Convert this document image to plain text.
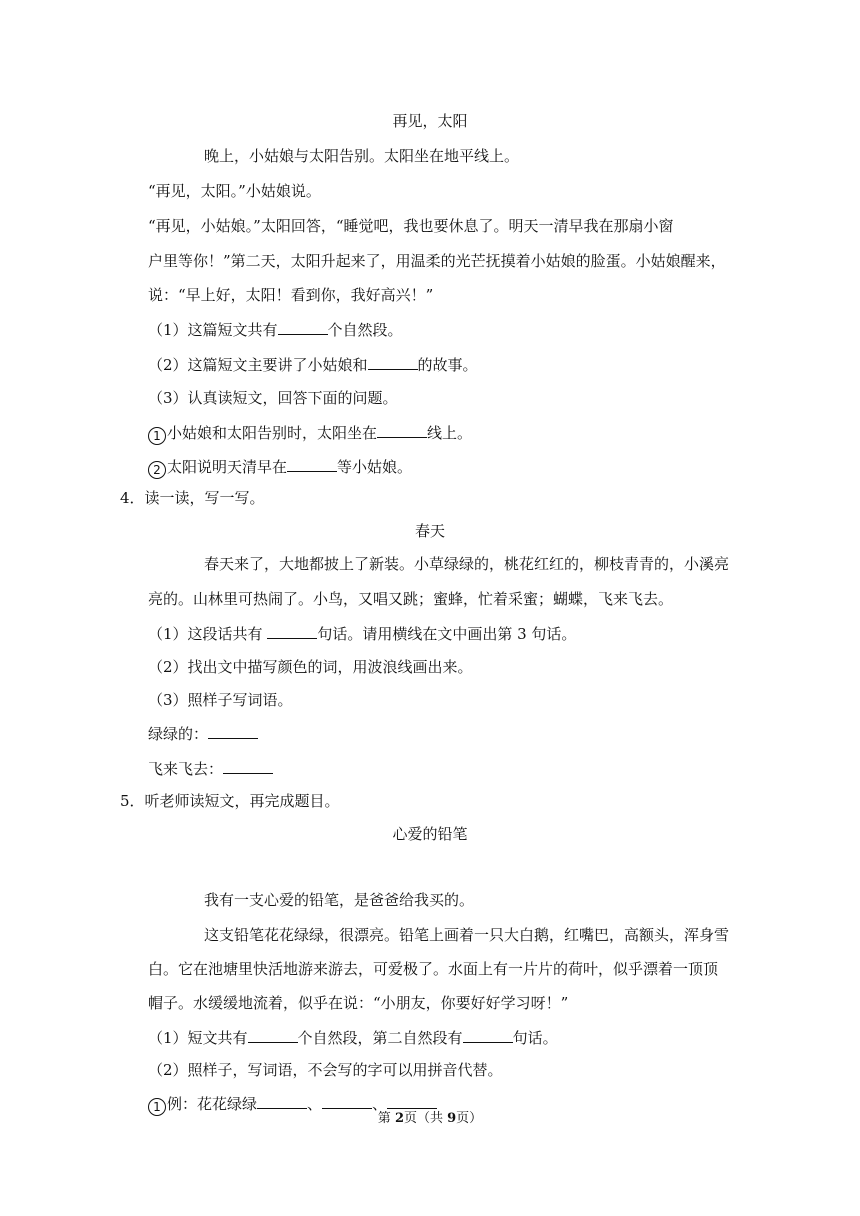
再见，太阳
晚上，小姑娘与太阳告别。太阳坐在地平线上。
“再见，太阳。”小姑娘说。
“再见，小姑娘。”太阳回答，“睡觉吧，我也要休息了。明天一清早我在那扇小窗
户里等你！”第二天，太阳升起来了，用温柔的光芒抚摸着小姑娘的脸蛋。小姑娘醒来，
说：“早上好，太阳！看到你，我好高兴！”
（1）这篇短文共有	个自然段。
（2）这篇短文主要讲了小姑娘和	的故事。
（3）认真读短文，回答下面的问题。
1 小姑娘和太阳告别时，太阳坐在	线上。
2 太阳说明天清早在	等小姑娘。
4．读一读，写一写。
春天
春天来了，大地都披上了新装。小草绿绿的，桃花红红的，柳枝青青的，小溪亮
亮的。山林里可热闹了。小鸟，又唱又跳；蜜蜂，忙着采蜜；蝴蝶，飞来飞去。
（1）这段话共有	句话。请用横线在文中画出第 3 句话。
（2）找出文中描写颜色的词，用波浪线画出来。
（3）照样子写词语。
绿绿的：
飞来飞去：
5．听老师读短文，再完成题目。
心爱的铅笔
我有一支心爱的铅笔，是爸爸给我买的。
这支铅笔花花绿绿，很漂亮。铅笔上画着一只大白鹅，红嘴巴，高额头，浑身雪
白。它在池塘里快活地游来游去，可爱极了。水面上有一片片的荷叶，似乎漂着一顶顶
帽子。水缓缓地流着，似乎在说：“小朋友，你要好好学习呀！”
（1）短文共有	个自然段，第二自然段有	句话。
（2）照样子，写词语，不会写的字可以用拼音代替。
1 例：花花绿绿	、	、
第 2页（共 9页）
